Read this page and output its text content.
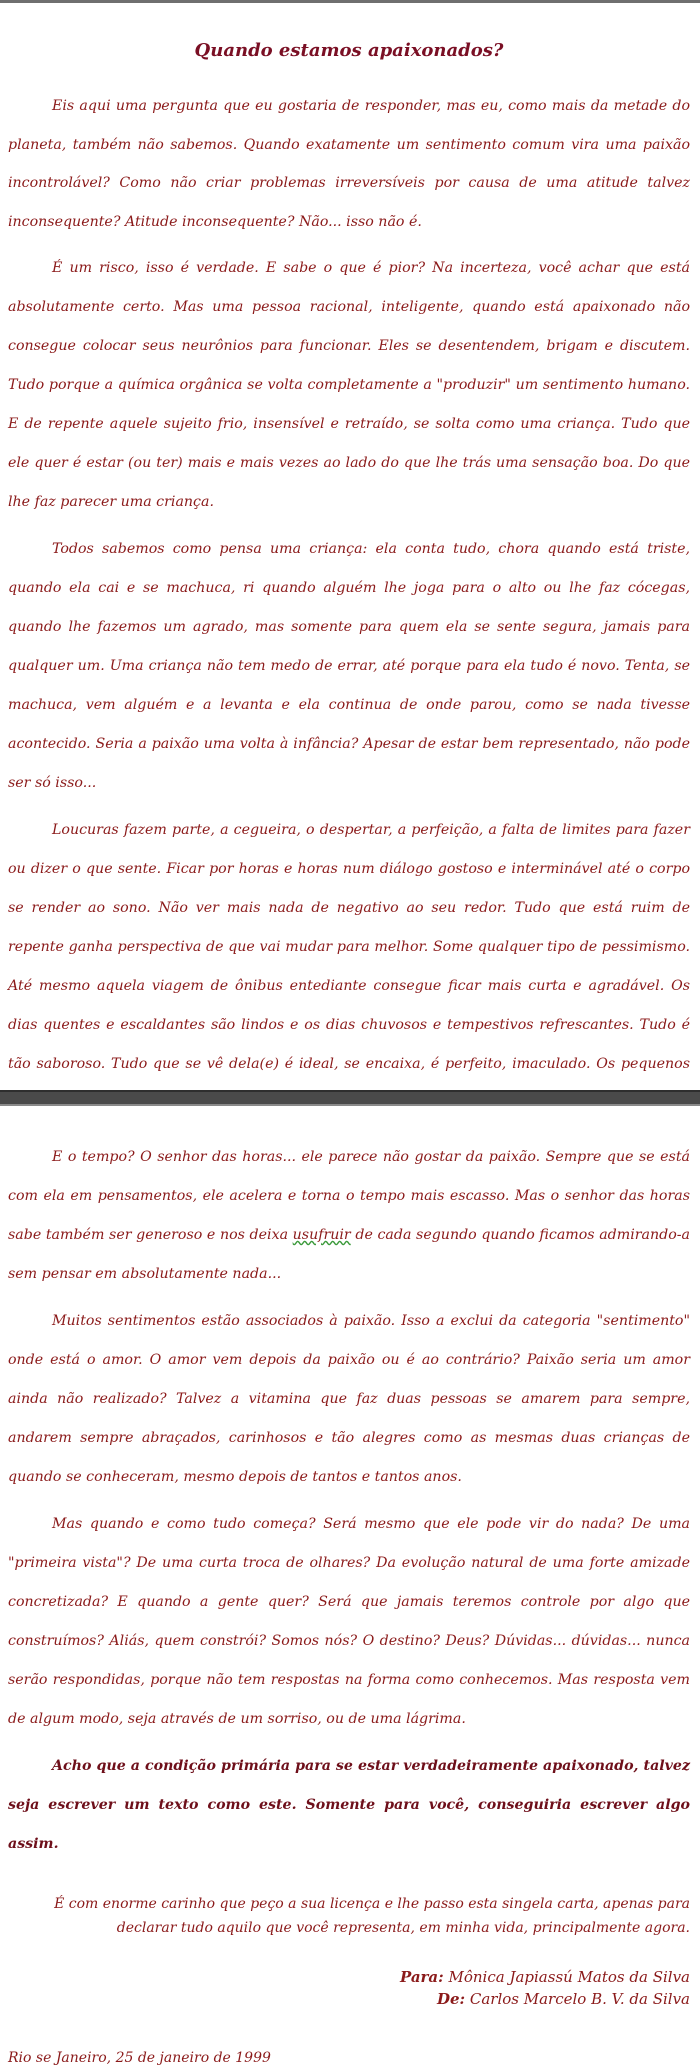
Quando estamos apaixonados?

Eis aqui uma pergunta que eu gostaria de responder, mas eu, como mais da metade do planeta, também não sabemos. Quando exatamente um sentimento comum vira uma paixão incontrolável? Como não criar problemas irreversíveis por causa de uma atitude talvez inconsequente? Atitude inconsequente? Não... isso não é.

É um risco, isso é verdade. E sabe o que é pior? Na incerteza, você achar que está absolutamente certo. Mas uma pessoa racional, inteligente, quando está apaixonado não consegue colocar seus neurônios para funcionar. Eles se desentendem, brigam e discutem. Tudo porque a química orgânica se volta completamente a "produzir" um sentimento humano. E de repente aquele sujeito frio, insensível e retraído, se solta como uma criança. Tudo que ele quer é estar (ou ter) mais e mais vezes ao lado do que lhe trás uma sensação boa. Do que lhe faz parecer uma criança.

Todos sabemos como pensa uma criança: ela conta tudo, chora quando está triste, quando ela cai e se machuca, ri quando alguém lhe joga para o alto ou lhe faz cócegas, quando lhe fazemos um agrado, mas somente para quem ela se sente segura, jamais para qualquer um. Uma criança não tem medo de errar, até porque para ela tudo é novo. Tenta, se machuca, vem alguém e a levanta e ela continua de onde parou, como se nada tivesse acontecido. Seria a paixão uma volta à infância? Apesar de estar bem representado, não pode ser só isso...

Loucuras fazem parte, a cegueira, o despertar, a perfeição, a falta de limites para fazer ou dizer o que sente. Ficar por horas e horas num diálogo gostoso e interminável até o corpo se render ao sono. Não ver mais nada de negativo ao seu redor. Tudo que está ruim de repente ganha perspectiva de que vai mudar para melhor. Some qualquer tipo de pessimismo. Até mesmo aquela viagem de ônibus entediante consegue ficar mais curta e agradável. Os dias quentes e escaldantes são lindos e os dias chuvosos e tempestivos refrescantes. Tudo é tão saboroso. Tudo que se vê dela(e) é ideal, se encaixa, é perfeito, imaculado. Os pequenos

E o tempo? O senhor das horas... ele parece não gostar da paixão. Sempre que se está com ela em pensamentos, ele acelera e torna o tempo mais escasso. Mas o senhor das horas sabe também ser generoso e nos deixa usufruir de cada segundo quando ficamos admirando-a sem pensar em absolutamente nada...

Muitos sentimentos estão associados à paixão. Isso a exclui da categoria "sentimento" onde está o amor. O amor vem depois da paixão ou é ao contrário? Paixão seria um amor ainda não realizado? Talvez a vitamina que faz duas pessoas se amarem para sempre, andarem sempre abraçados, carinhosos e tão alegres como as mesmas duas crianças de quando se conheceram, mesmo depois de tantos e tantos anos.

Mas quando e como tudo começa? Será mesmo que ele pode vir do nada? De uma "primeira vista"? De uma curta troca de olhares? Da evolução natural de uma forte amizade concretizada? E quando a gente quer? Será que jamais teremos controle por algo que construímos? Aliás, quem constrói? Somos nós? O destino? Deus? Dúvidas... dúvidas... nunca serão respondidas, porque não tem respostas na forma como conhecemos. Mas resposta vem de algum modo, seja através de um sorriso, ou de uma lágrima.

Acho que a condição primária para se estar verdadeiramente apaixonado, talvez seja escrever um texto como este. Somente para você, conseguiria escrever algo assim.

É com enorme carinho que peço a sua licença e lhe passo esta singela carta, apenas para
declarar tudo aquilo que você representa, em minha vida, principalmente agora.
Para: Mônica Japiassú Matos da Silva
De: Carlos Marcelo B. V. da Silva
Rio se Janeiro, 25 de janeiro de 1999
